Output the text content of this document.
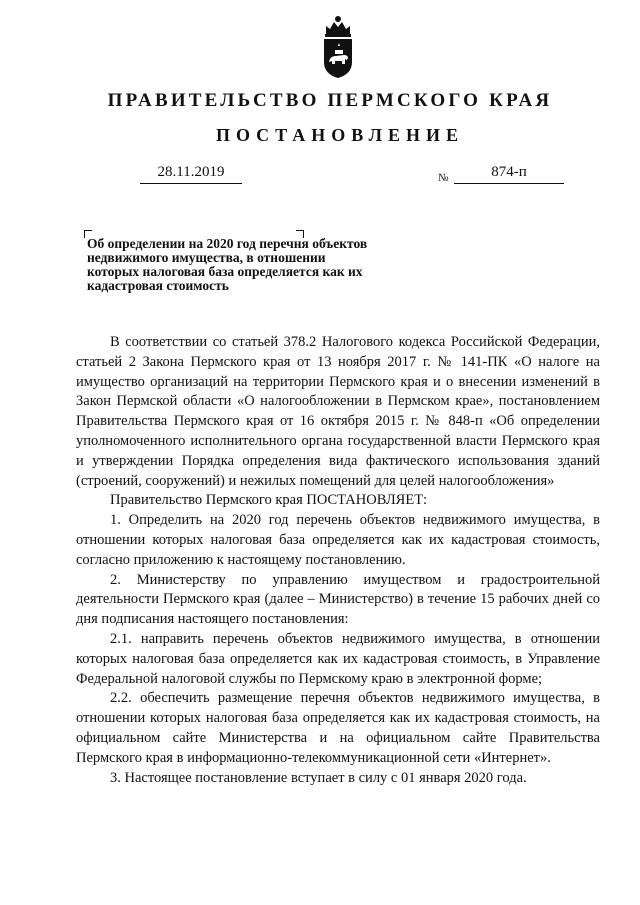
ПРАВИТЕЛЬСТВО ПЕРМСКОГО КРАЯ
ПОСТАНОВЛЕНИЕ
28.11.2019	№	874-п
Об определении на 2020 год перечня объектов недвижимого имущества, в отношении которых налоговая база определяется как их кадастровая стоимость

В соответствии со статьей 378.2 Налогового кодекса Российской Федерации, статьей 2 Закона Пермского края от 13 ноября 2017 г. № 141-ПК «О налоге на имущество организаций на территории Пермского края и о внесении изменений в Закон Пермской области «О налогообложении в Пермском крае», постановлением Правительства Пермского края от 16 октября 2015 г. № 848-п «Об определении уполномоченного исполнительного органа государственной власти Пермского края и утверждении Порядка определения вида фактического использования зданий (строений, сооружений) и нежилых помещений для целей налогообложения»

Правительство Пермского края ПОСТАНОВЛЯЕТ:

1. Определить на 2020 год перечень объектов недвижимого имущества, в отношении которых налоговая база определяется как их кадастровая стоимость, согласно приложению к настоящему постановлению.

2. Министерству по управлению имуществом и градостроительной деятельности Пермского края (далее – Министерство) в течение 15 рабочих дней со дня подписания настоящего постановления:

2.1. направить перечень объектов недвижимого имущества, в отношении которых налоговая база определяется как их кадастровая стоимость, в Управление Федеральной налоговой службы по Пермскому краю в электронной форме;

2.2. обеспечить размещение перечня объектов недвижимого имущества, в отношении которых налоговая база определяется как их кадастровая стоимость, на официальном сайте Министерства и на официальном сайте Правительства Пермского края в информационно-телекоммуникационной сети «Интернет».

3. Настоящее постановление вступает в силу с 01 января 2020 года.
